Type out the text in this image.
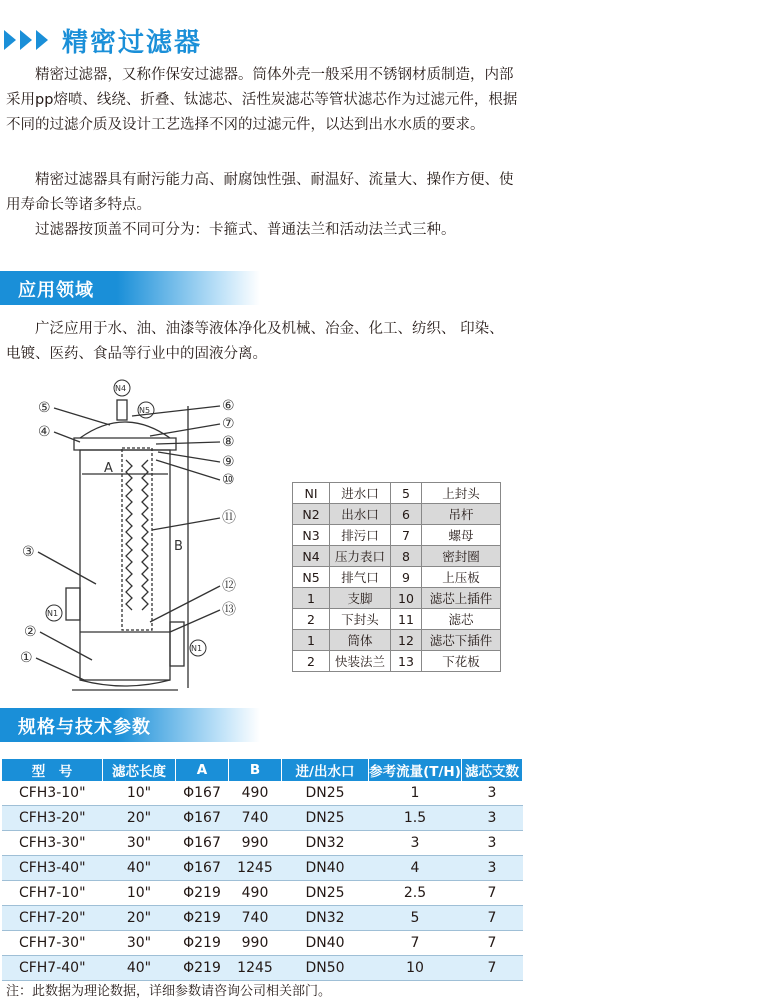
精密过滤器

精密过滤器，又称作保安过滤器。筒体外壳一般采用不锈钢材质制造，内部采用pp熔喷、线绕、折叠、钛滤芯、活性炭滤芯等管状滤芯作为过滤元件，根据不同的过滤介质及设计工艺选择不冈的过滤元件，以达到出水水质的要求。

精密过滤器具有耐污能力高、耐腐蚀性强、耐温好、流量大、操作方便、使用寿命长等诸多特点。

过滤器按顶盖不同可分为：卡箍式、普通法兰和活动法兰式三种。

应用领域

广泛应用于水、油、油漆等液体净化及机械、冶金、化工、纺织、 印染、电镀、医药、食品等行业中的固液分离。

⑤
④
③
②
①
⑥
⑦
⑧
⑨
⑩
⑪
⑫
⑬
A
B
N4
N5
N1
N1
NI	进水口	5	上封头
N2	出水口	6	吊杆
N3	排污口	7	螺母
N4	压力表口	8	密封圈
N5	排气口	9	上压板
1	支脚	10	滤芯上插件
2	下封头	11	滤芯
1	筒体	12	滤芯下插件
2	快装法兰	13	下花板
规格与技术参数
型　号	滤芯长度	A	B	进/出水口	参考流量(T/H)	滤芯支数
CFH3-10"	10"	Φ167	490	DN25	1	3
CFH3-20"	20"	Φ167	740	DN25	1.5	3
CFH3-30"	30"	Φ167	990	DN32	3	3
CFH3-40"	40"	Φ167	1245	DN40	4	3
CFH7-10"	10"	Φ219	490	DN25	2.5	7
CFH7-20"	20"	Φ219	740	DN32	5	7
CFH7-30"	30"	Φ219	990	DN40	7	7
CFH7-40"	40"	Φ219	1245	DN50	10	7
注：此数据为理论数据，详细参数请咨询公司相关部门。
